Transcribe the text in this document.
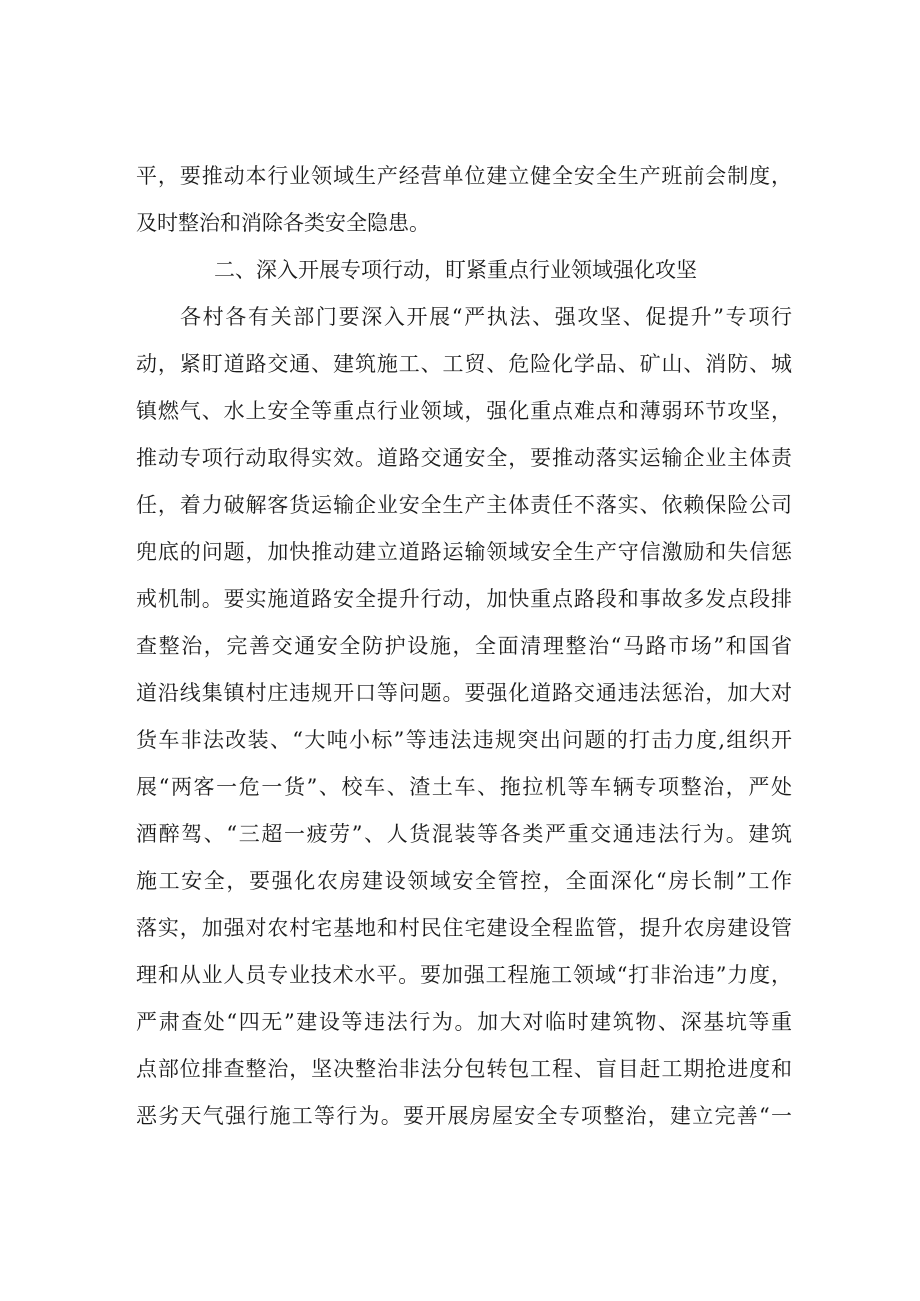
平，要推动本行业领域生产经营单位建立健全安全生产班前会制度，
及时整治和消除各类安全隐患。
二、深入开展专项行动，盯紧重点行业领域强化攻坚
各村各有关部门要深入开展“严执法、强攻坚、促提升”专项行
动，紧盯道路交通、建筑施工、工贸、危险化学品、矿山、消防、城
镇燃气、水上安全等重点行业领域，强化重点难点和薄弱环节攻坚，
推动专项行动取得实效。道路交通安全，要推动落实运输企业主体责
任，着力破解客货运输企业安全生产主体责任不落实、依赖保险公司
兜底的问题，加快推动建立道路运输领域安全生产守信激励和失信惩
戒机制。要实施道路安全提升行动，加快重点路段和事故多发点段排
查整治，完善交通安全防护设施，全面清理整治“马路市场”和国省
道沿线集镇村庄违规开口等问题。要强化道路交通违法惩治，加大对
货车非法改装、“大吨小标”等违法违规突出问题的打击力度,组织开
展“两客一危一货”、校车、渣土车、拖拉机等车辆专项整治，严处
酒醉驾、“三超一疲劳”、人货混装等各类严重交通违法行为。建筑
施工安全，要强化农房建设领域安全管控，全面深化“房长制”工作
落实，加强对农村宅基地和村民住宅建设全程监管，提升农房建设管
理和从业人员专业技术水平。要加强工程施工领域“打非治违”力度，
严肃查处“四无”建设等违法行为。加大对临时建筑物、深基坑等重
点部位排查整治，坚决整治非法分包转包工程、盲目赶工期抢进度和
恶劣天气强行施工等行为。要开展房屋安全专项整治，建立完善“一
